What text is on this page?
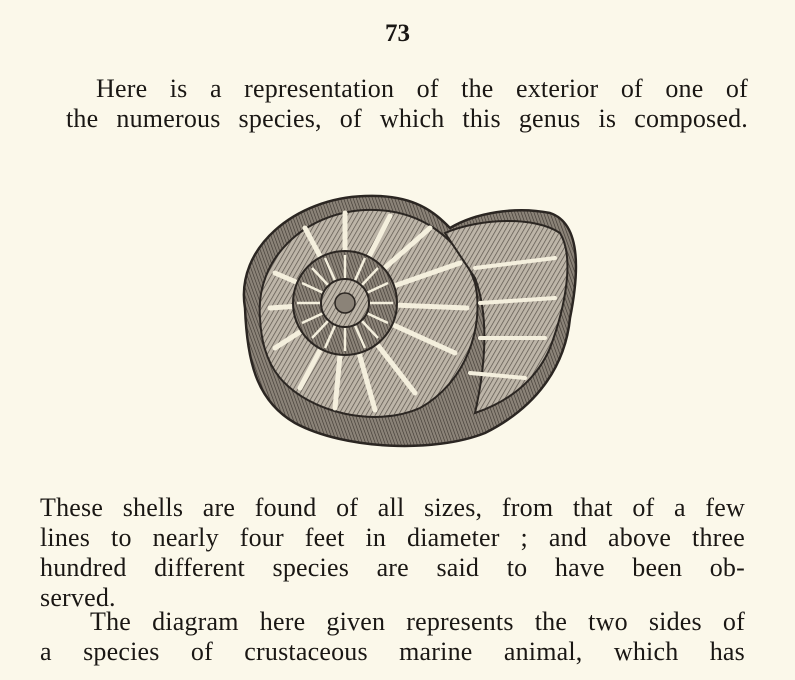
73
Here is a representation of the exterior of one of
the numerous species, of which this genus is composed.
These shells are found of all sizes, from that of a few
lines to nearly four feet in diameter ; and above three
hundred different species are said to have been ob-
served.
The diagram here given represents the two sides of
a species of crustaceous marine animal, which has
